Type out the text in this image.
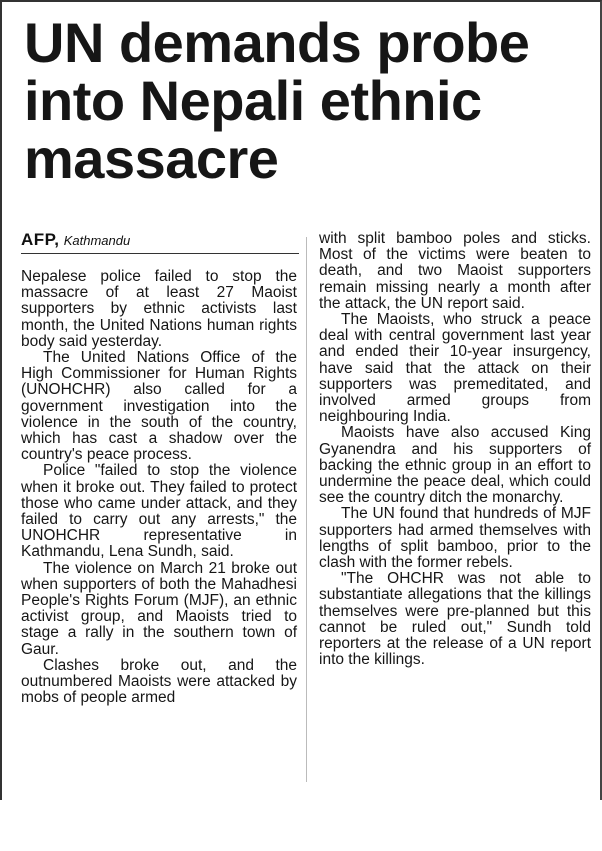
UN demands probe
into Nepali ethnic
massacre
AFP, Kathmandu

Nepalese police failed to stop the massacre of at least 27 Maoist supporters by ethnic activists last month, the United Nations human rights body said yesterday.

The United Nations Office of the High Commissioner for Human Rights (UNOHCHR) also called for a government investigation into the violence in the south of the country, which has cast a shadow over the country's peace process.

Police "failed to stop the violence when it broke out. They failed to protect those who came under attack, and they failed to carry out any arrests," the UNOHCHR representative in Kathmandu, Lena Sundh, said.

The violence on March 21 broke out when supporters of both the Mahadhesi People's Rights Forum (MJF), an ethnic activist group, and Maoists tried to stage a rally in the southern town of Gaur.

Clashes broke out, and the outnumbered Maoists were attacked by mobs of people armed

with split bamboo poles and sticks. Most of the victims were beaten to death, and two Maoist supporters remain missing nearly a month after the attack, the UN report said.

The Maoists, who struck a peace deal with central government last year and ended their 10-year insurgency, have said that the attack on their supporters was premeditated, and involved armed groups from neighbouring India.

Maoists have also accused King Gyanendra and his supporters of backing the ethnic group in an effort to undermine the peace deal, which could see the country ditch the monarchy.

The UN found that hundreds of MJF supporters had armed themselves with lengths of split bamboo, prior to the clash with the former rebels.

"The OHCHR was not able to substantiate allegations that the killings themselves were pre-planned but this cannot be ruled out," Sundh told reporters at the release of a UN report into the killings.
